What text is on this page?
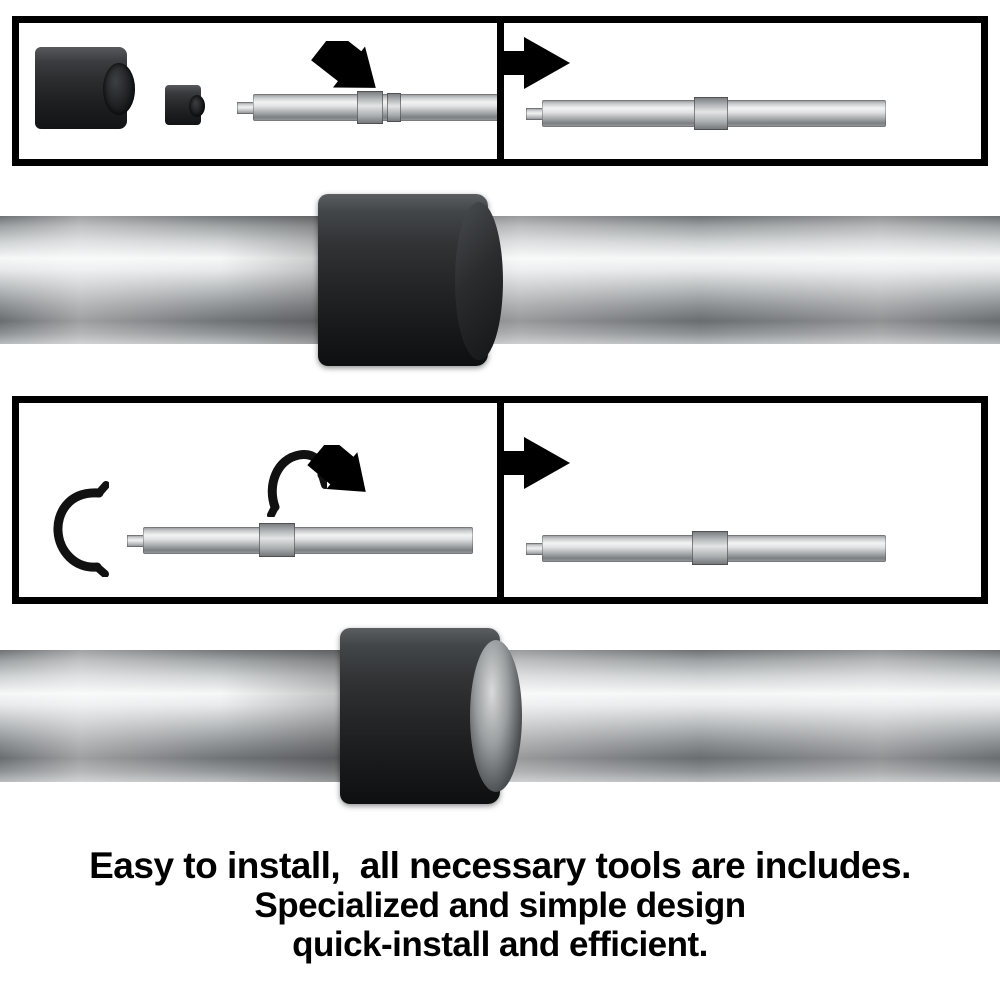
Easy to install,  all necessary tools are includes.
Specialized and simple design
quick-install and efficient.
